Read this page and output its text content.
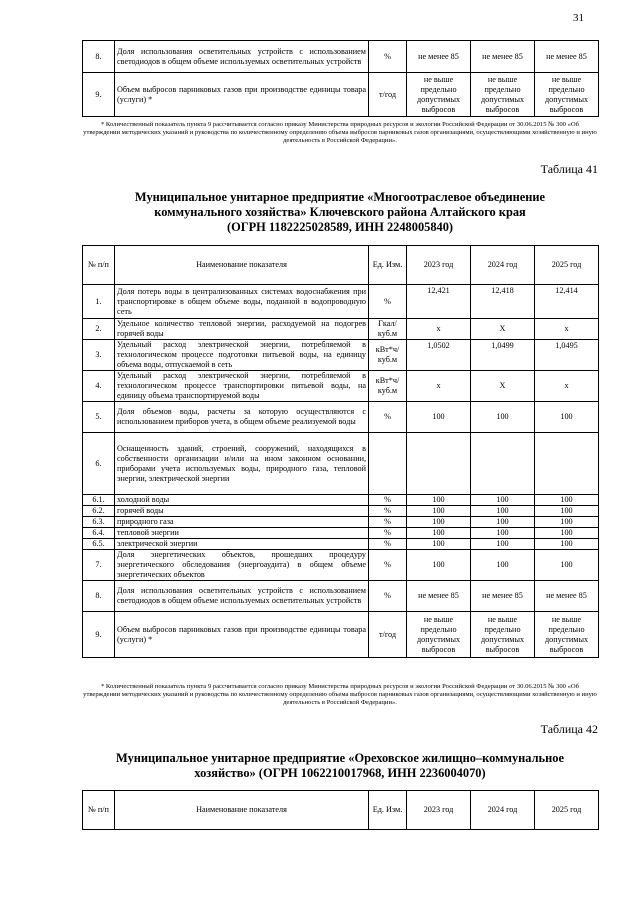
31
8.	Доля использования осветительных устройств с использованием светодиодов в общем объеме используемых осветительных устройств	%	не менее 85	не менее 85	не менее 85
9.	Объем выбросов парниковых газов при производстве единицы товара (услуги) *	т/год	не выше предельно допустимых выбросов	не выше предельно допустимых выбросов	не выше предельно допустимых выбросов
* Количественный показатель пункта 9 рассчитывается согласно приказу Министерства природных ресурсов и экологии Российской Федерации от 30.06.2015 № 300 «Об утверждении методических указаний и руководства по количественному определению объема выбросов парниковых газов организациями, осуществляющими хозяйственную и иную деятельность в Российской Федерации».
Таблица 41
Муниципальное унитарное предприятие «Многоотраслевое объединение
коммунального хозяйства» Ключевского района Алтайского края
(ОГРН 1182225028589, ИНН 2248005840)
№ п/п	Наименование показателя	Ед. Изм.	2023 год	2024 год	2025 год
1.	Доля потерь воды в централизованных системах водоснабжения при транспортировке в общем объеме воды, поданной в водопроводную сеть	%	12,421	12,418	12,414
2.	Удельное количество тепловой энергии, расходуемой на подогрев горячей воды	Гкал/ куб.м	x	X	x
3.	Удельный расход электрической энергии, потребляемой в технологическом процессе подготовки питьевой воды, на единицу объема воды, отпускаемой в сеть	кВт*ч/ куб.м	1,0502	1,0499	1,0495
4.	Удельный расход электрической энергии, потребляемой в технологическом процессе транспортировки питьевой воды, на единицу объема транспортируемой воды	кВт*ч/ куб.м	x	X	x
5.	Доля объемов воды, расчеты за которую осуществляются с использованием приборов учета, в общем объеме реализуемой воды	%	100	100	100
6.	Оснащенность зданий, строений, сооружений, находящихся в собственности организации и/или на ином законном основании, приборами учета используемых воды, природного газа, тепловой энергии, электрической энергии				
6.1.	холодной воды	%	100	100	100
6.2.	горячей воды	%	100	100	100
6.3.	природного газа	%	100	100	100
6.4.	тепловой энергии	%	100	100	100
6.5.	электрической энергии	%	100	100	100
7.	Доля энергетических объектов, прошедших процедуру энергетического обследования (энергоаудита) в общем объеме энергетических объектов	%	100	100	100
8.	Доля использования осветительных устройств с использованием светодиодов в общем объеме используемых осветительных устройств	%	не менее 85	не менее 85	не менее 85
9.	Объем выбросов парниковых газов при производстве единицы товара (услуги) *	т/год	не выше предельно допустимых выбросов	не выше предельно допустимых выбросов	не выше предельно допустимых выбросов
* Количественный показатель пункта 9 рассчитывается согласно приказу Министерства природных ресурсов и экологии Российской Федерации от 30.06.2015 № 300 «Об утверждении методических указаний и руководства по количественному определению объема выбросов парниковых газов организациями, осуществляющими хозяйственную и иную деятельность в Российской Федерации».
Таблица 42
Муниципальное унитарное предприятие «Ореховское жилищно–коммунальное
хозяйство» (ОГРН 1062210017968, ИНН 2236004070)
№ п/п	Наименование показателя	Ед. Изм.	2023 год	2024 год	2025 год
